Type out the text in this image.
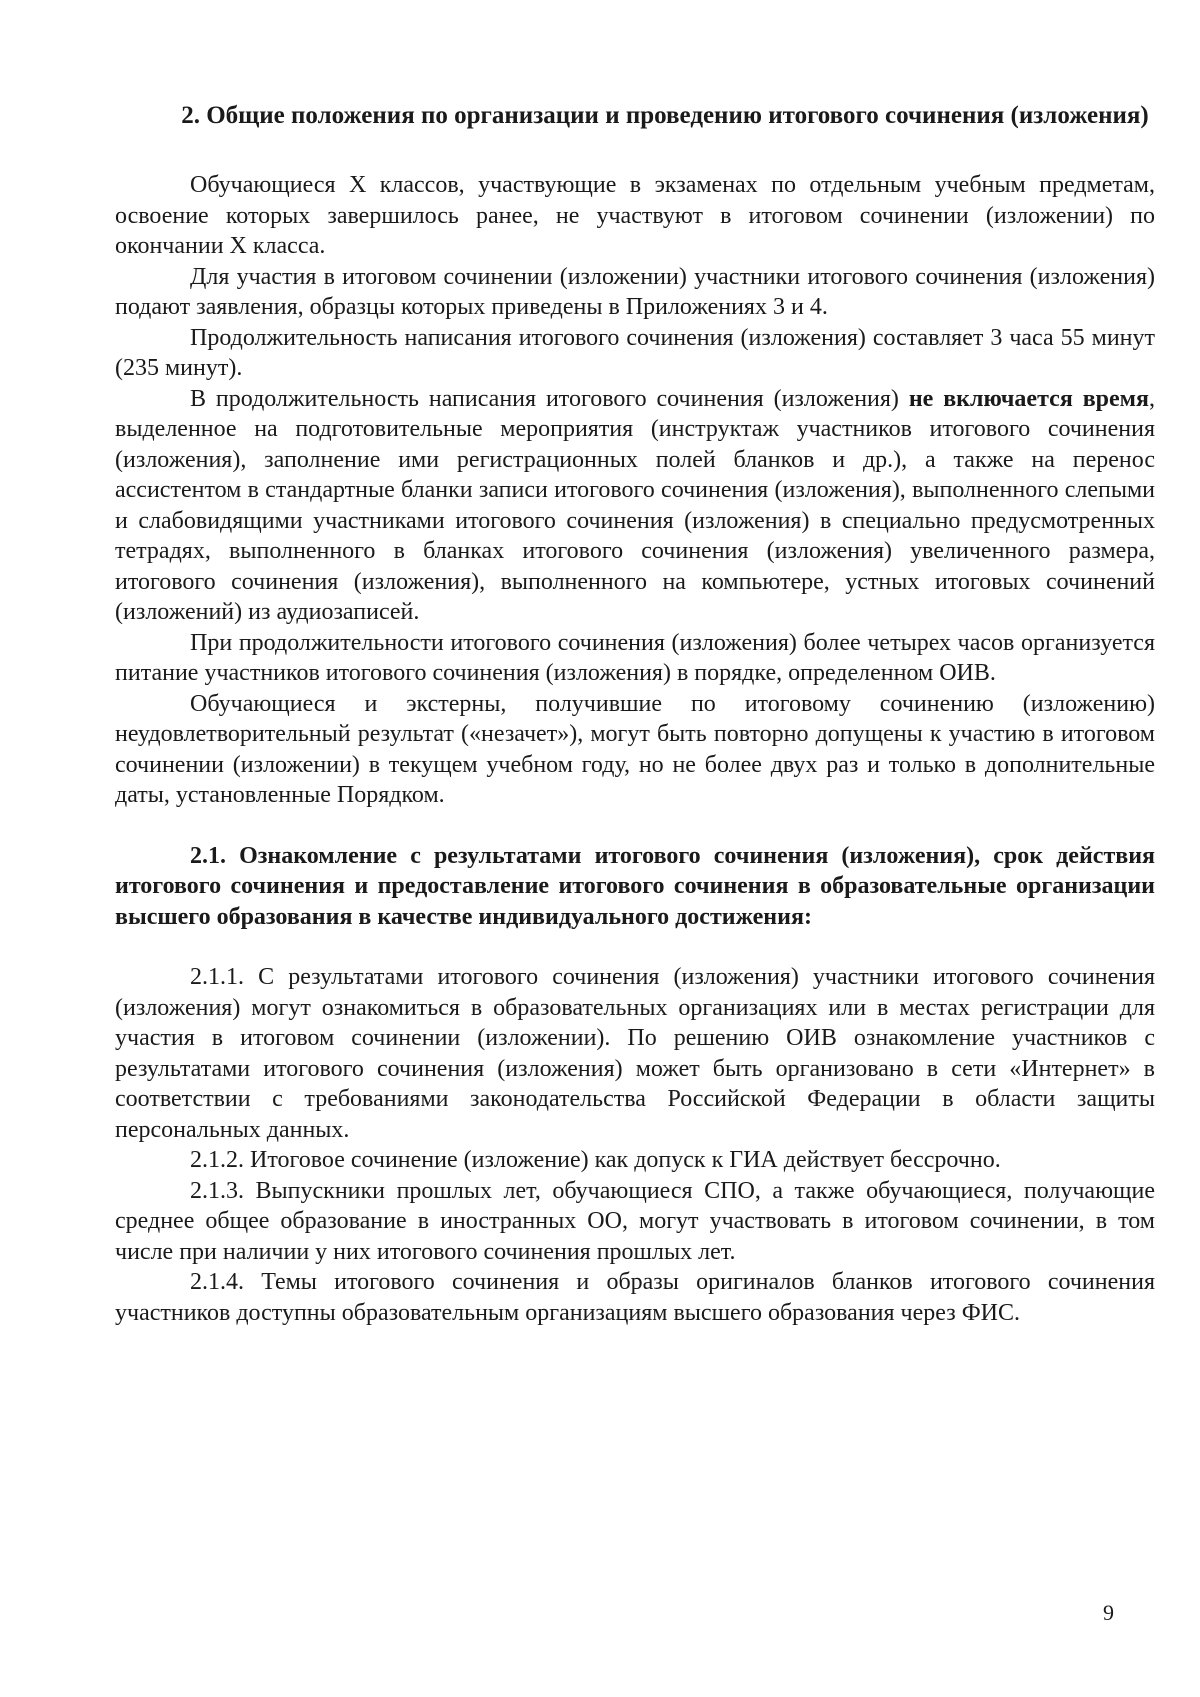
2. Общие положения по организации и проведению итогового сочинения (изложения)

Обучающиеся X классов, участвующие в экзаменах по отдельным учебным предметам, освоение которых завершилось ранее, не участвуют в итоговом сочинении (изложении) по окончании X класса.

Для участия в итоговом сочинении (изложении) участники итогового сочинения (изложения) подают заявления, образцы которых приведены в Приложениях 3 и 4.

Продолжительность написания итогового сочинения (изложения) составляет 3 часа 55 минут (235 минут).

В продолжительность написания итогового сочинения (изложения) не включается время, выделенное на подготовительные мероприятия (инструктаж участников итогового сочинения (изложения), заполнение ими регистрационных полей бланков и др.), а также на перенос ассистентом в стандартные бланки записи итогового сочинения (изложения), выполненного слепыми и слабовидящими участниками итогового сочинения (изложения) в специально предусмотренных тетрадях, выполненного в бланках итогового сочинения (изложения) увеличенного размера, итогового сочинения (изложения), выполненного на компьютере, устных итоговых сочинений (изложений) из аудиозаписей.

При продолжительности итогового сочинения (изложения) более четырех часов организуется питание участников итогового сочинения (изложения) в порядке, определенном ОИВ.

Обучающиеся и экстерны, получившие по итоговому сочинению (изложению) неудовлетворительный результат («незачет»), могут быть повторно допущены к участию в итоговом сочинении (изложении) в текущем учебном году, но не более двух раз и только в дополнительные даты, установленные Порядком.

2.1. Ознакомление с результатами итогового сочинения (изложения), срок действия итогового сочинения и предоставление итогового сочинения в образовательные организации высшего образования в качестве индивидуального достижения:

2.1.1. С результатами итогового сочинения (изложения) участники итогового сочинения (изложения) могут ознакомиться в образовательных организациях или в местах регистрации для участия в итоговом сочинении (изложении). По решению ОИВ ознакомление участников с результатами итогового сочинения (изложения) может быть организовано в сети «Интернет» в соответствии с требованиями законодательства Российской Федерации в области защиты персональных данных.

2.1.2. Итоговое сочинение (изложение) как допуск к ГИА действует бессрочно.

2.1.3. Выпускники прошлых лет, обучающиеся СПО, а также обучающиеся, получающие среднее общее образование в иностранных ОО, могут участвовать в итоговом сочинении, в том числе при наличии у них итогового сочинения прошлых лет.

2.1.4. Темы итогового сочинения и образы оригиналов бланков итогового сочинения участников доступны образовательным организациям высшего образования через ФИС.

9
